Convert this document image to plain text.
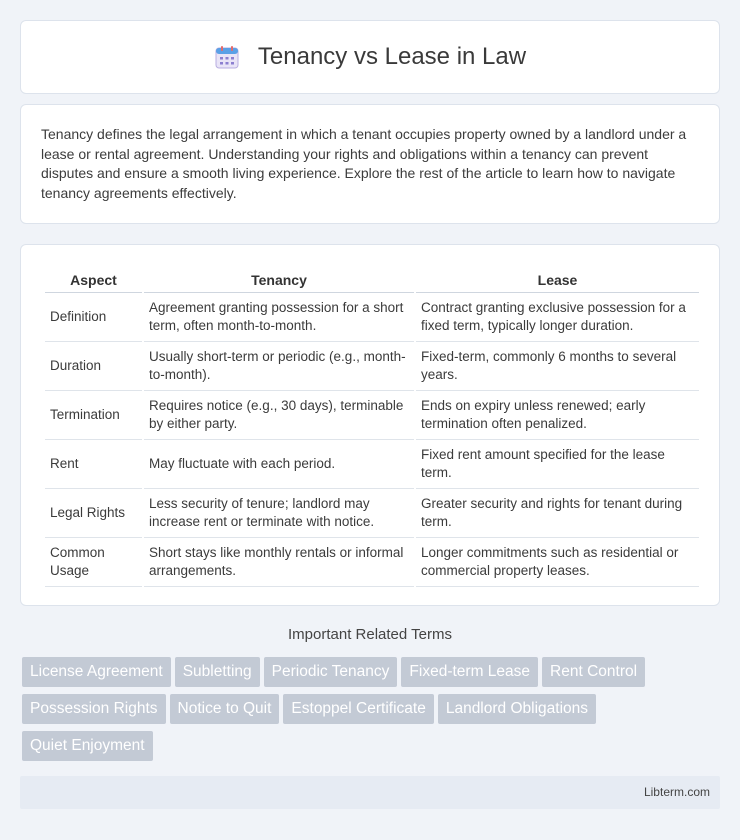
Tenancy vs Lease in Law

Tenancy defines the legal arrangement in which a tenant occupies property owned by a landlord under a lease or rental agreement. Understanding your rights and obligations within a tenancy can prevent disputes and ensure a smooth living experience. Explore the rest of the article to learn how to navigate tenancy agreements effectively.

Aspect	Tenancy	Lease
Definition	Agreement granting possession for a short term, often month-to-month.	Contract granting exclusive possession for a fixed term, typically longer duration.
Duration	Usually short-term or periodic (e.g., month-to-month).	Fixed-term, commonly 6 months to several years.
Termination	Requires notice (e.g., 30 days), terminable by either party.	Ends on expiry unless renewed; early termination often penalized.
Rent	May fluctuate with each period.	Fixed rent amount specified for the lease term.
Legal Rights	Less security of tenure; landlord may increase rent or terminate with notice.	Greater security and rights for tenant during term.
Common Usage	Short stays like monthly rentals or informal arrangements.	Longer commitments such as residential or commercial property leases.
Important Related Terms
License Agreement	Subletting	Periodic Tenancy	Fixed-term Lease	Rent Control
Possession Rights	Notice to Quit	Estoppel Certificate	Landlord Obligations
Quiet Enjoyment
Libterm.com
